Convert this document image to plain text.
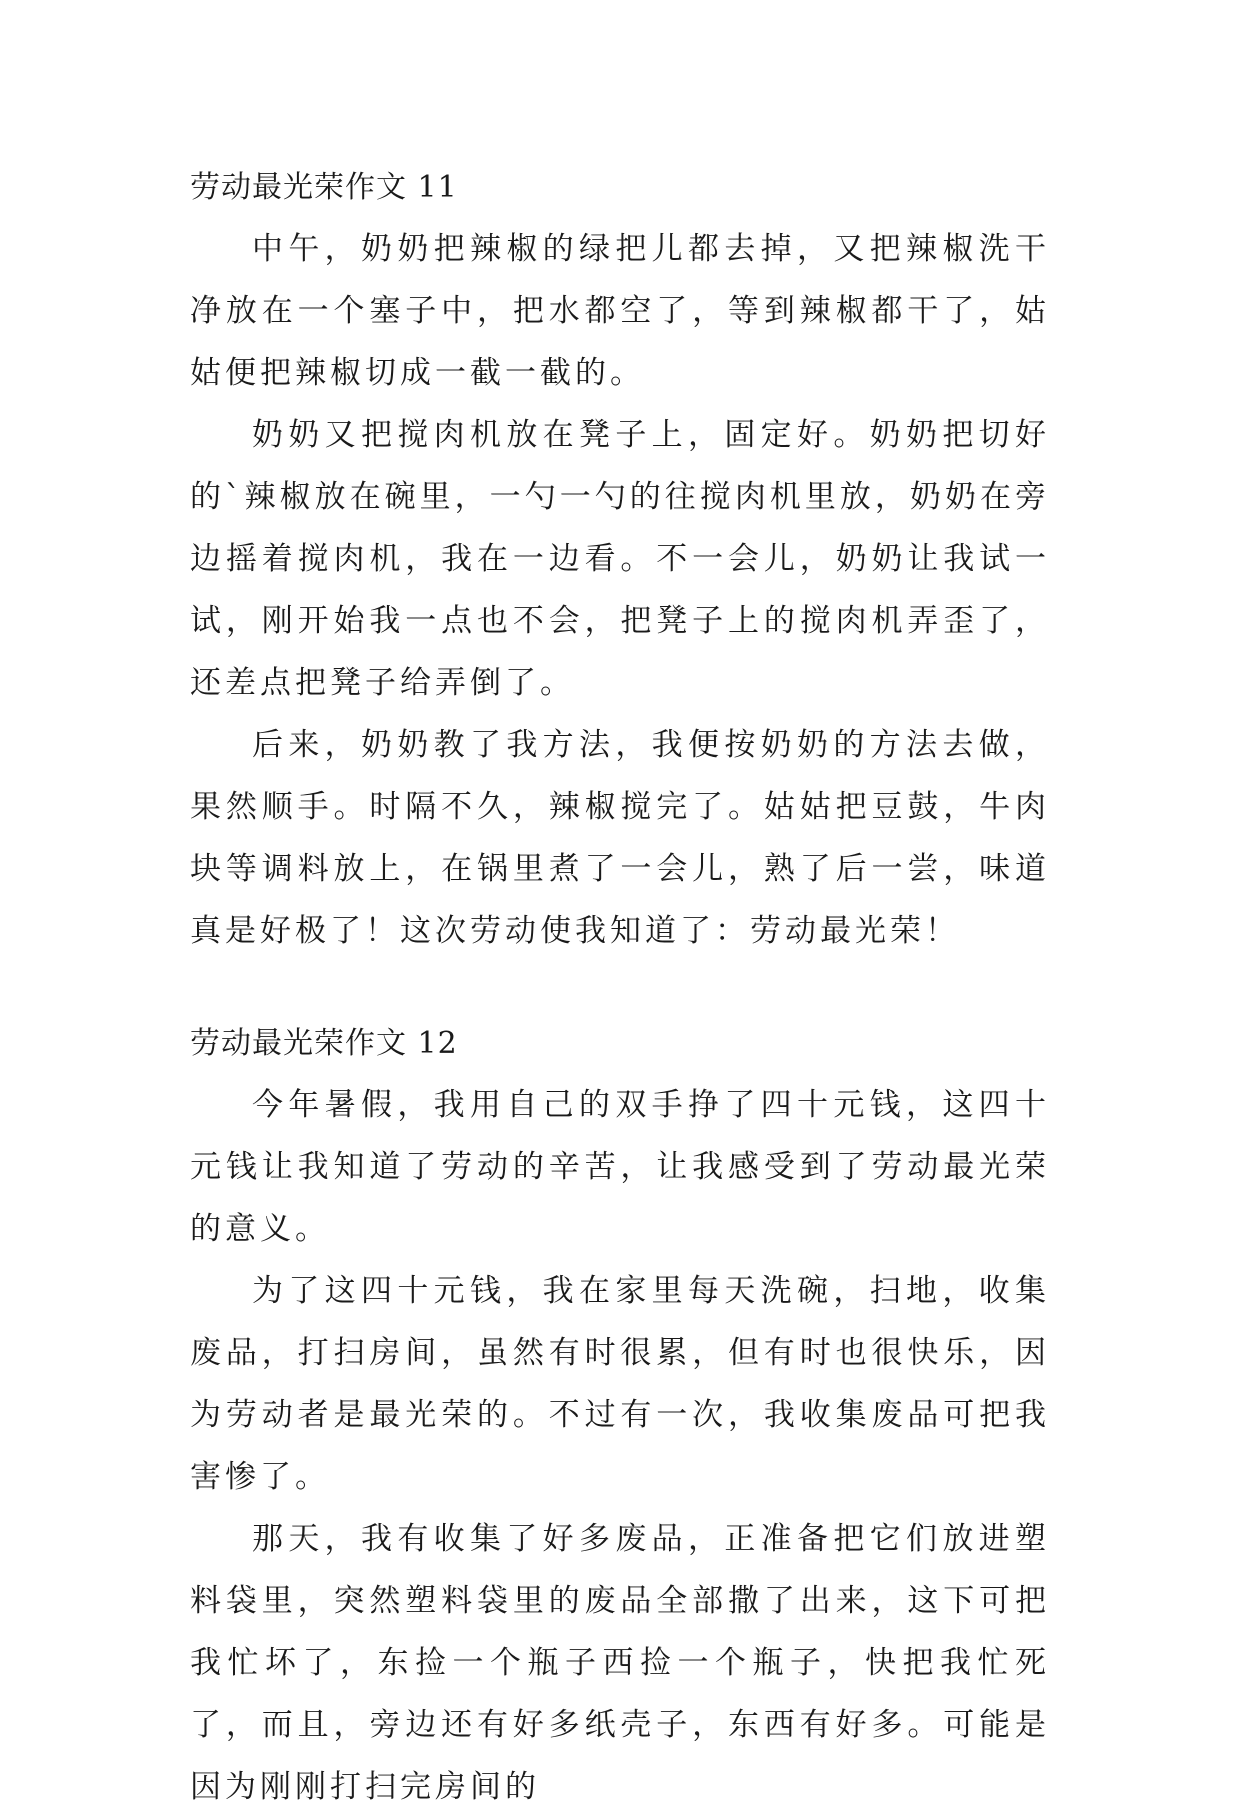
劳动最光荣作文 11

中午，奶奶把辣椒的绿把儿都去掉，又把辣椒洗干净放在一个塞子中，把水都空了，等到辣椒都干了，姑姑便把辣椒切成一截一截的。

奶奶又把搅肉机放在凳子上，固定好。奶奶把切好的`辣椒放在碗里，一勺一勺的往搅肉机里放，奶奶在旁边摇着搅肉机，我在一边看。不一会儿，奶奶让我试一试，刚开始我一点也不会，把凳子上的搅肉机弄歪了，还差点把凳子给弄倒了。

后来，奶奶教了我方法，我便按奶奶的方法去做，果然顺手。时隔不久，辣椒搅完了。姑姑把豆鼓，牛肉块等调料放上，在锅里煮了一会儿，熟了后一尝，味道真是好极了！这次劳动使我知道了：劳动最光荣！

劳动最光荣作文 12

今年暑假，我用自己的双手挣了四十元钱，这四十元钱让我知道了劳动的辛苦，让我感受到了劳动最光荣的意义。

为了这四十元钱，我在家里每天洗碗，扫地，收集废品，打扫房间，虽然有时很累，但有时也很快乐，因为劳动者是最光荣的。不过有一次，我收集废品可把我害惨了。

那天，我有收集了好多废品，正准备把它们放进塑料袋里，突然塑料袋里的废品全部撒了出来，这下可把我忙坏了，东捡一个瓶子西捡一个瓶子，快把我忙死了，而且，旁边还有好多纸壳子，东西有好多。可能是因为刚刚打扫完房间的
